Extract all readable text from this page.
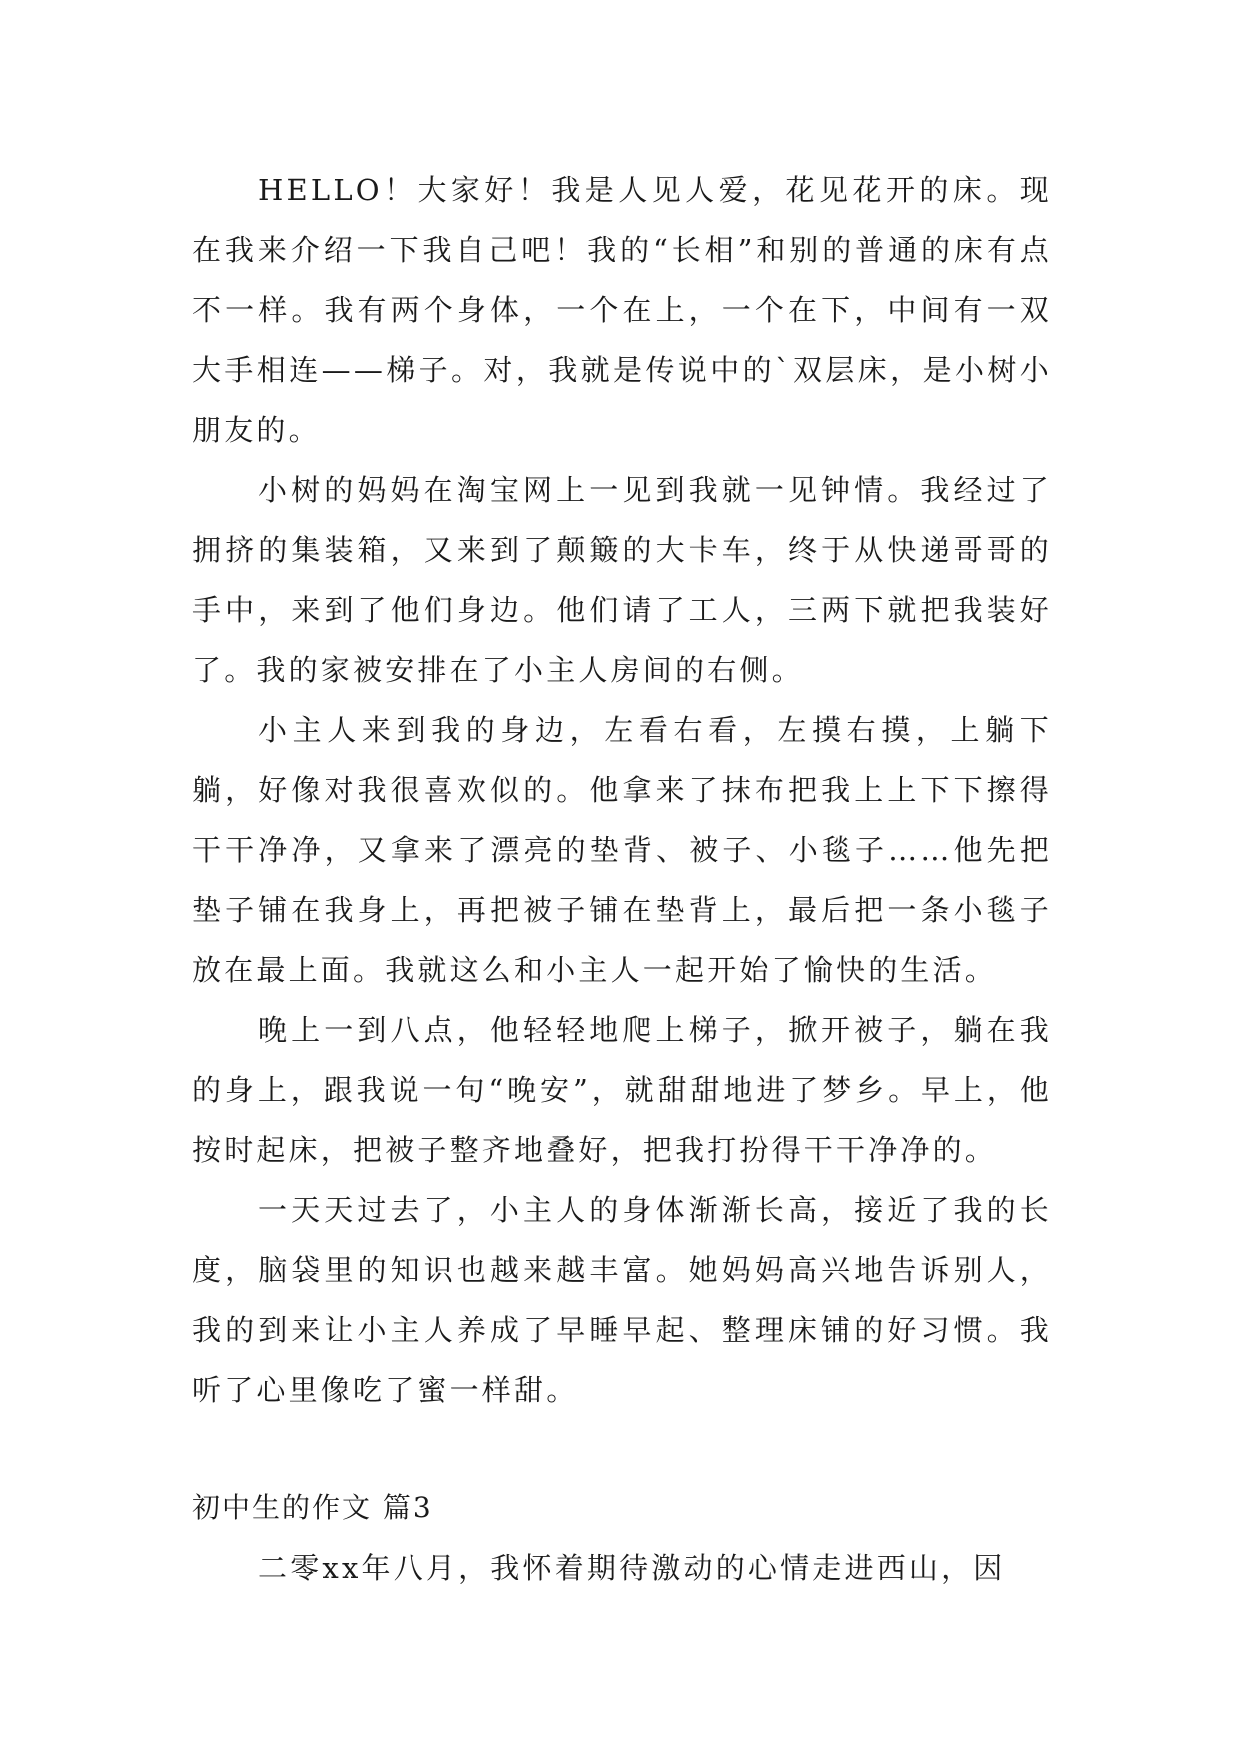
HELLO！大家好！我是人见人爱，花见花开的床。现在我来介绍一下我自己吧！我的“长相”和别的普通的床有点不一样。我有两个身体，一个在上，一个在下，中间有一双大手相连——梯子。对，我就是传说中的`双层床，是小树小朋友的。

小树的妈妈在淘宝网上一见到我就一见钟情。我经过了拥挤的集装箱，又来到了颠簸的大卡车，终于从快递哥哥的手中，来到了他们身边。他们请了工人，三两下就把我装好了。我的家被安排在了小主人房间的右侧。

小主人来到我的身边，左看右看，左摸右摸，上躺下躺，好像对我很喜欢似的。他拿来了抹布把我上上下下擦得干干净净，又拿来了漂亮的垫背、被子、小毯子……他先把垫子铺在我身上，再把被子铺在垫背上，最后把一条小毯子放在最上面。我就这么和小主人一起开始了愉快的生活。

晚上一到八点，他轻轻地爬上梯子，掀开被子，躺在我的身上，跟我说一句“晚安”，就甜甜地进了梦乡。早上，他按时起床，把被子整齐地叠好，把我打扮得干干净净的。

一天天过去了，小主人的身体渐渐长高，接近了我的长度，脑袋里的知识也越来越丰富。她妈妈高兴地告诉别人，我的到来让小主人养成了早睡早起、整理床铺的好习惯。我听了心里像吃了蜜一样甜。

初中生的作文 篇3

二零xx年八月，我怀着期待激动的心情走进西山，因
